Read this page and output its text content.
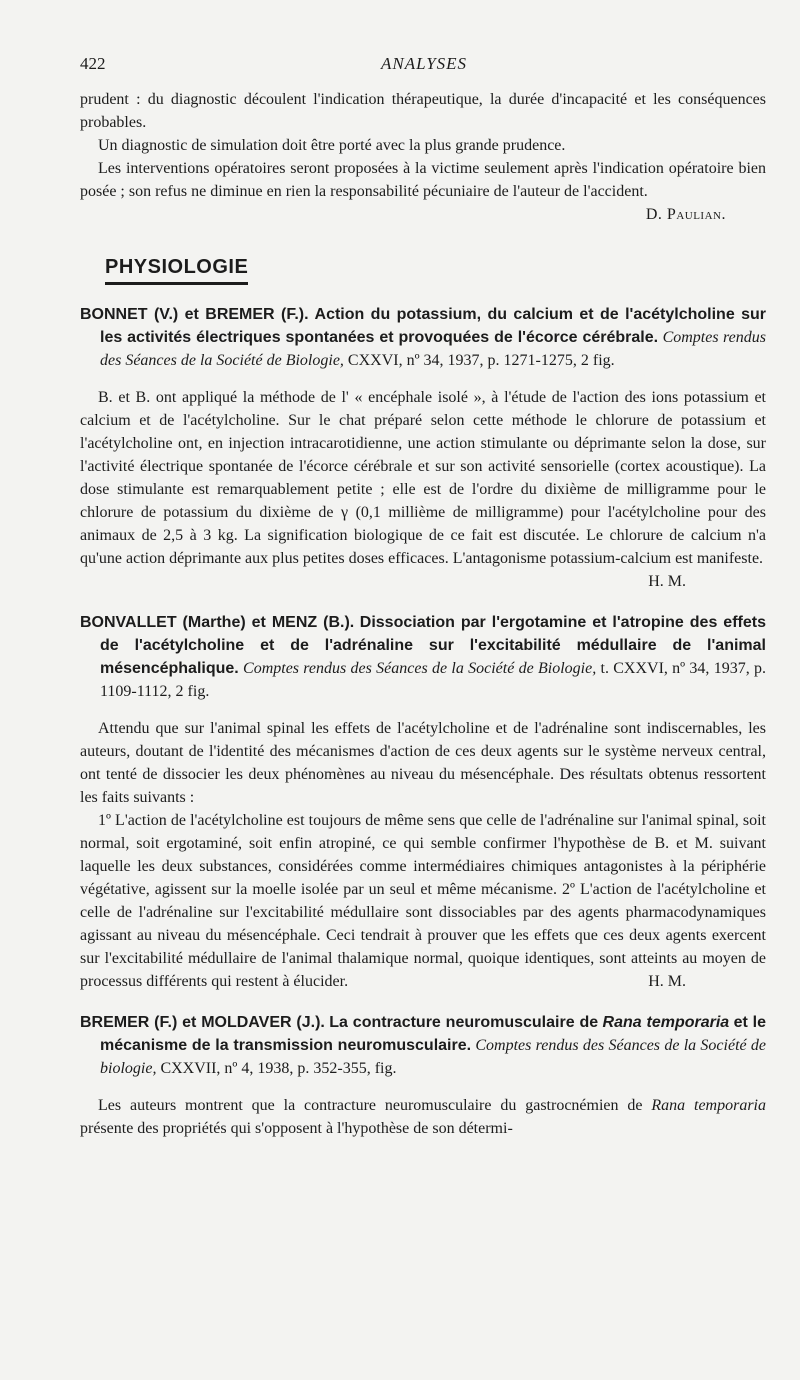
422	ANALYSES

prudent : du diagnostic découlent l'indication thérapeutique, la durée d'incapacité et les conséquences probables.

Un diagnostic de simulation doit être porté avec la plus grande prudence.

Les interventions opératoires seront proposées à la victime seulement après l'indication opératoire bien posée ; son refus ne diminue en rien la responsabilité pécuniaire de l'auteur de l'accident.
D. Paulian.

PHYSIOLOGIE

BONNET (V.) et BREMER (F.). Action du potassium, du calcium et de l'acétylcholine sur les activités électriques spontanées et provoquées de l'écorce cérébrale. Comptes rendus des Séances de la Société de Biologie, CXXVI, nº 34, 1937, p. 1271-1275, 2 fig.

B. et B. ont appliqué la méthode de l' « encéphale isolé », à l'étude de l'action des ions potassium et calcium et de l'acétylcholine. Sur le chat préparé selon cette méthode le chlorure de potassium et l'acétylcholine ont, en injection intracarotidienne, une action stimulante ou déprimante selon la dose, sur l'activité électrique spontanée de l'écorce cérébrale et sur son activité sensorielle (cortex acoustique). La dose stimulante est remarquablement petite ; elle est de l'ordre du dixième de milligramme pour le chlorure de potassium du dixième de γ (0,1 millième de milligramme) pour l'acétylcholine pour des animaux de 2,5 à 3 kg. La signification biologique de ce fait est discutée. Le chlorure de calcium n'a qu'une action déprimante aux plus petites doses efficaces. L'antagonisme potassium-calcium est manifeste.
H. M.

BONVALLET (Marthe) et MENZ (B.). Dissociation par l'ergotamine et l'atropine des effets de l'acétylcholine et de l'adrénaline sur l'excitabilité médullaire de l'animal mésencéphalique. Comptes rendus des Séances de la Société de Biologie, t. CXXVI, nº 34, 1937, p. 1109-1112, 2 fig.

Attendu que sur l'animal spinal les effets de l'acétylcholine et de l'adrénaline sont indiscernables, les auteurs, doutant de l'identité des mécanismes d'action de ces deux agents sur le système nerveux central, ont tenté de dissocier les deux phénomènes au niveau du mésencéphale. Des résultats obtenus ressortent les faits suivants :

1º L'action de l'acétylcholine est toujours de même sens que celle de l'adrénaline sur l'animal spinal, soit normal, soit ergotaminé, soit enfin atropiné, ce qui semble confirmer l'hypothèse de B. et M. suivant laquelle les deux substances, considérées comme intermédiaires chimiques antagonistes à la périphérie végétative, agissent sur la moelle isolée par un seul et même mécanisme. 2º L'action de l'acétylcholine et celle de l'adrénaline sur l'excitabilité médullaire sont dissociables par des agents pharmacodynamiques agissant au niveau du mésencéphale. Ceci tendrait à prouver que les effets que ces deux agents exercent sur l'excitabilité médullaire de l'animal thalamique normal, quoique identiques, sont atteints au moyen de processus différents qui restent à élucider.	H. M.

BREMER (F.) et MOLDAVER (J.). La contracture neuromusculaire de Rana temporaria et le mécanisme de la transmission neuromusculaire. Comptes rendus des Séances de la Société de biologie, CXXVII, nº 4, 1938, p. 352-355, fig.

Les auteurs montrent que la contracture neuromusculaire du gastrocnémien de Rana temporaria présente des propriétés qui s'opposent à l'hypothèse de son détermi-
